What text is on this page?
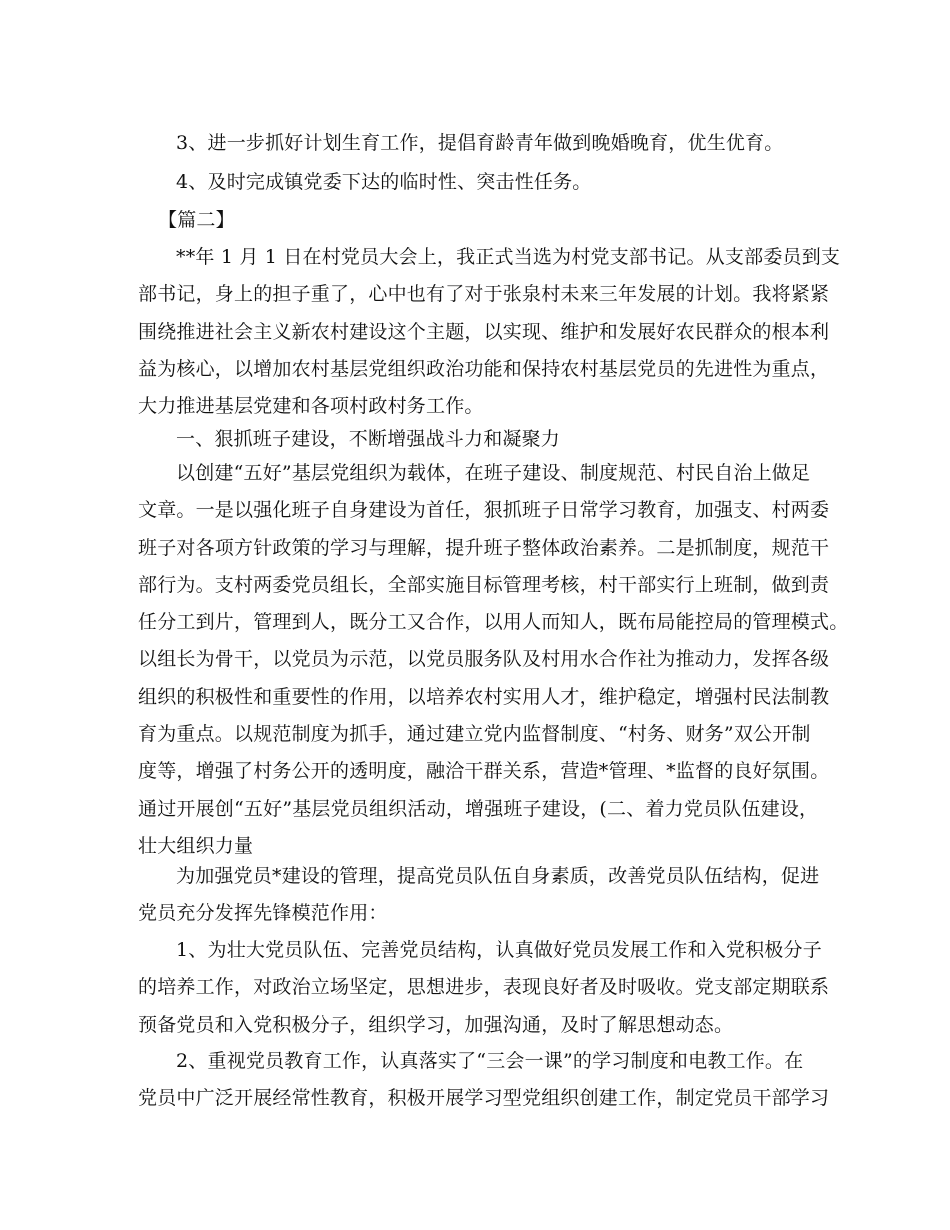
3、进一步抓好计划生育工作，提倡育龄青年做到晚婚晚育，优生优育。

4、及时完成镇党委下达的临时性、突击性任务。

【篇二】

**年 1 月 1 日在村党员大会上，我正式当选为村党支部书记。从支部委员到支
部书记，身上的担子重了，心中也有了对于张泉村未来三年发展的计划。我将紧紧
围绕推进社会主义新农村建设这个主题，以实现、维护和发展好农民群众的根本利
益为核心，以增加农村基层党组织政治功能和保持农村基层党员的先进性为重点，
大力推进基层党建和各项村政村务工作。

一、狠抓班子建设，不断增强战斗力和凝聚力

以创建“五好”基层党组织为载体，在班子建设、制度规范、村民自治上做足
文章。一是以强化班子自身建设为首任，狠抓班子日常学习教育，加强支、村两委
班子对各项方针政策的学习与理解，提升班子整体政治素养。二是抓制度，规范干
部行为。支村两委党员组长，全部实施目标管理考核，村干部实行上班制，做到责
任分工到片，管理到人，既分工又合作，以用人而知人，既布局能控局的管理模式。
以组长为骨干，以党员为示范，以党员服务队及村用水合作社为推动力，发挥各级
组织的积极性和重要性的作用，以培养农村实用人才，维护稳定，增强村民法制教
育为重点。以规范制度为抓手，通过建立党内监督制度、“村务、财务”双公开制
度等，增强了村务公开的透明度，融洽干群关系，营造*管理、*监督的良好氛围。
通过开展创“五好”基层党员组织活动，增强班子建设，(二、着力党员队伍建设，
壮大组织力量
为加强党员*建设的管理，提高党员队伍自身素质，改善党员队伍结构，促进
党员充分发挥先锋模范作用：
1、为壮大党员队伍、完善党员结构，认真做好党员发展工作和入党积极分子
的培养工作，对政治立场坚定，思想进步，表现良好者及时吸收。党支部定期联系
预备党员和入党积极分子，组织学习，加强沟通，及时了解思想动态。
2、重视党员教育工作，认真落实了“三会一课”的学习制度和电教工作。在
党员中广泛开展经常性教育，积极开展学习型党组织创建工作，制定党员干部学习
